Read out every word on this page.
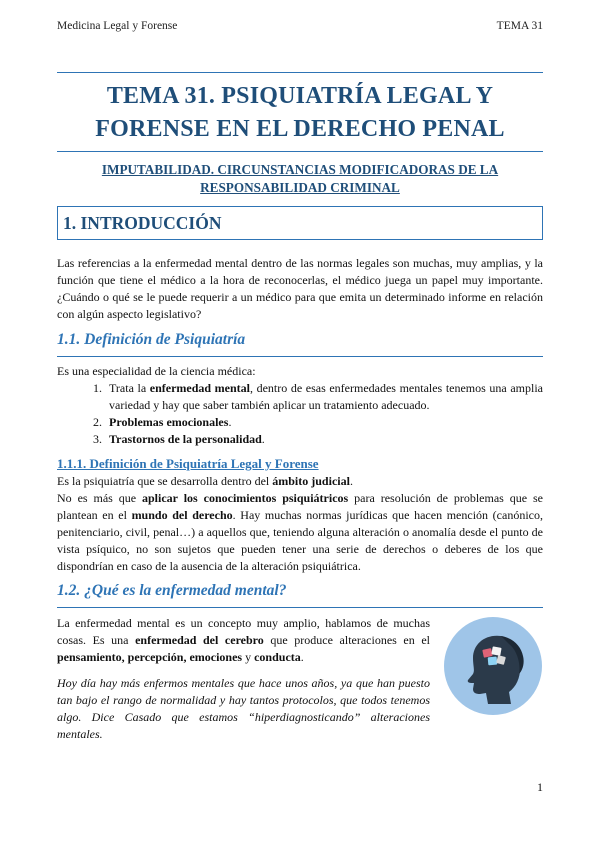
Medicina Legal y Forense	TEMA 31
TEMA 31. PSIQUIATRÍA LEGAL Y
FORENSE EN EL DERECHO PENAL
IMPUTABILIDAD. CIRCUNSTANCIAS MODIFICADORAS DE LA
RESPONSABILIDAD CRIMINAL
1. INTRODUCCIÓN
Las referencias a la enfermedad mental dentro de las normas legales son muchas, muy amplias, y la función que tiene el médico a la hora de reconocerlas, el médico juega un papel muy importante. ¿Cuándo o qué se le puede requerir a un médico para que emita un determinado informe en relación con algún aspecto legislativo?
1.1. Definición de Psiquiatría
Es una especialidad de la ciencia médica:
1. Trata la enfermedad mental, dentro de esas enfermedades mentales tenemos una amplia variedad y hay que saber también aplicar un tratamiento adecuado.
2. Problemas emocionales.
3. Trastornos de la personalidad.
1.1.1. Definición de Psiquiatría Legal y Forense
Es la psiquiatría que se desarrolla dentro del ámbito judicial.
No es más que aplicar los conocimientos psiquiátricos para resolución de problemas que se plantean en el mundo del derecho. Hay muchas normas jurídicas que hacen mención (canónico, penitenciario, civil, penal…) a aquellos que, teniendo alguna alteración o anomalía desde el punto de vista psíquico, no son sujetos que pueden tener una serie de derechos o deberes de los que dispondrían en caso de la ausencia de la alteración psiquiátrica.
1.2. ¿Qué es la enfermedad mental?
La enfermedad mental es un concepto muy amplio, hablamos de muchas cosas. Es una enfermedad del cerebro que produce alteraciones en el pensamiento, percepción, emociones y conducta.
Hoy día hay más enfermos mentales que hace unos años, ya que han puesto tan bajo el rango de normalidad y hay tantos protocolos, que todos tenemos algo. Dice Casado que estamos “hiperdiagnosticando” alteraciones mentales.
1
